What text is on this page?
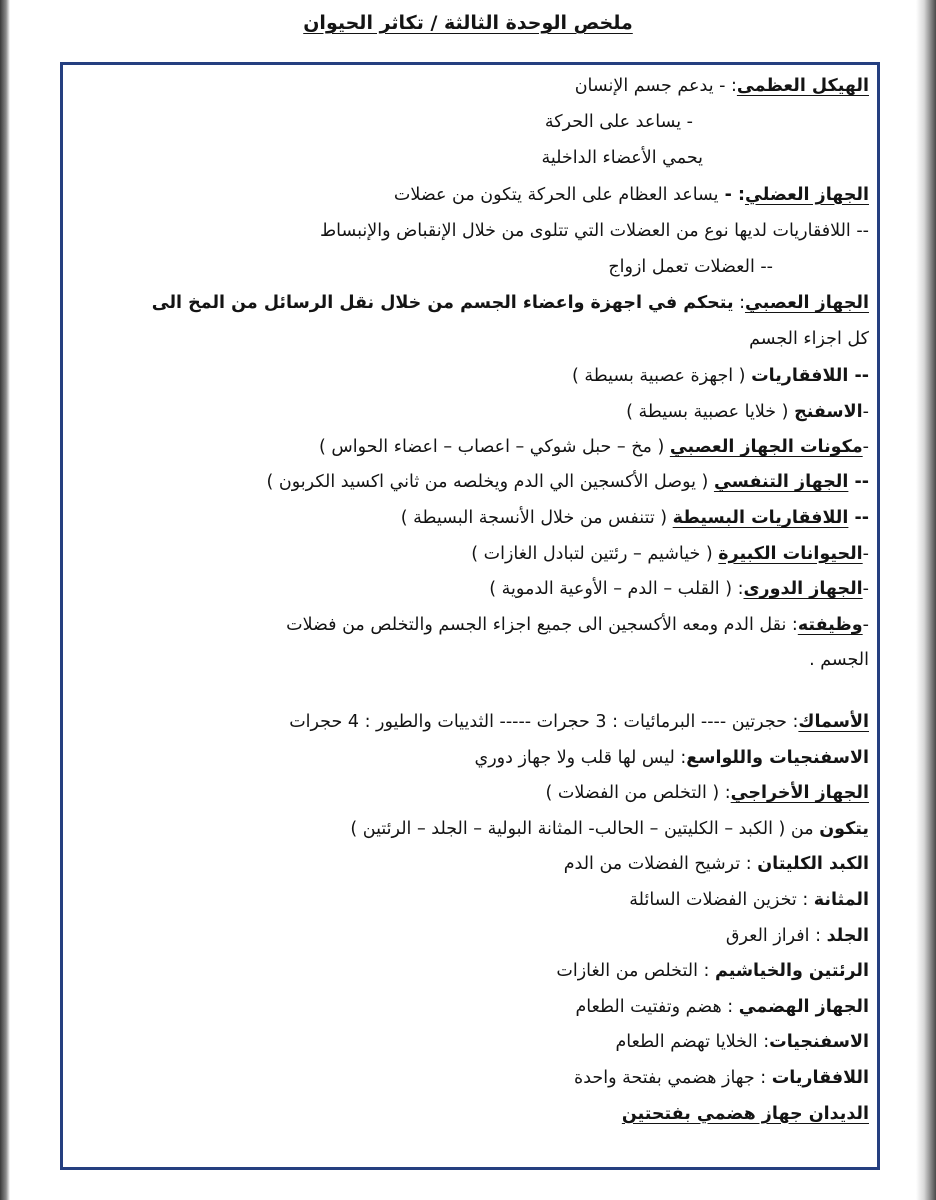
ملخص الوحدة الثالثة / تكاثر الحيوان
الهيكل العظمى: - يدعم جسم الإنسان
- يساعد على الحركة
يحمي الأعضاء الداخلية
الجهاز العضلي: - يساعد العظام على الحركة يتكون من عضلات
-- اللافقاريات لديها نوع من العضلات التي تتلوى من خلال الإنقباض والإنبساط
-- العضلات تعمل ازواج
الجهاز العصبي: يتحكم في اجهزة واعضاء الجسم من خلال نقل الرسائل من المخ الى
كل اجزاء الجسم
-- اللافقاريات ( اجهزة عصبية بسيطة )
-الاسفنج ( خلايا عصبية بسيطة )
-مكونات الجهاز العصبي ( مخ – حبل شوكي – اعصاب – اعضاء الحواس )
-- الجهاز التنفسي ( يوصل الأكسجين الي الدم ويخلصه من ثاني اكسيد الكربون )
-- اللافقاريات البسيطة ( تتنفس من خلال الأنسجة البسيطة )
-الحيوانات الكبيرة ( خياشيم – رئتين لتبادل الغازات )
-الجهاز الدورى: ( القلب – الدم – الأوعية الدموية )
-وظيفته: نقل الدم ومعه الأكسجين الى جميع اجزاء الجسم والتخلص من فضلات
الجسم .
الأسماك: حجرتين ---- البرمائيات : 3 حجرات ----- الثدييات والطيور : 4 حجرات
الاسفنجيات واللواسع: ليس لها قلب ولا جهاز دوري
الجهاز الأخراجي: ( التخلص من الفضلات )
يتكون من ( الكبد – الكليتين – الحالب- المثانة البولية – الجلد – الرئتين )
الكبد الكليتان : ترشيح الفضلات من الدم
المثانة : تخزين الفضلات السائلة
الجلد : افراز العرق
الرئتين والخياشيم : التخلص من الغازات
الجهاز الهضمي : هضم وتفتيت الطعام
الاسفنجيات: الخلايا تهضم الطعام
اللافقاريات : جهاز هضمي بفتحة واحدة
الديدان جهاز هضمي بفتحتين
